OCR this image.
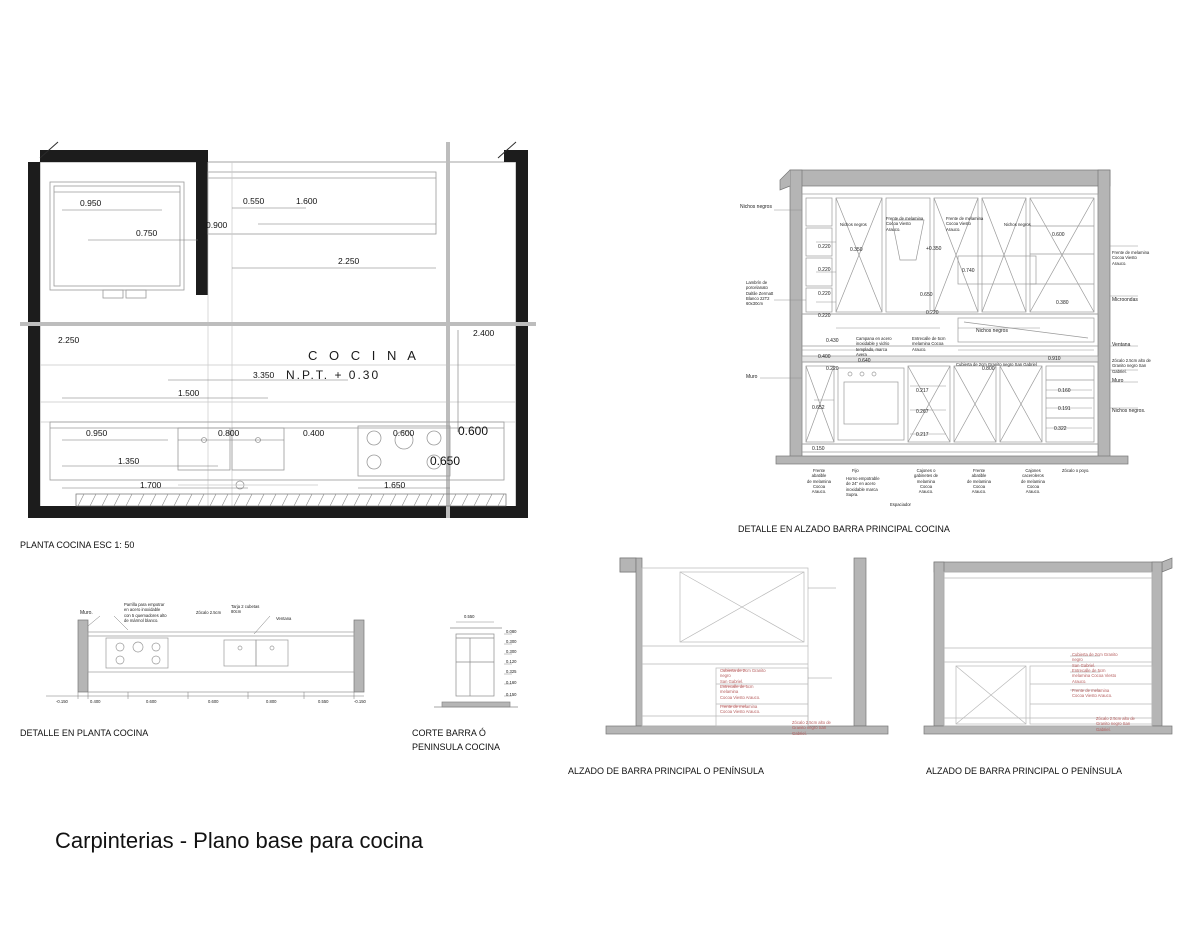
0.950
0.750
0.550
0.900
1.600
2.250
2.400
2.250
1.500
3.350
0.950	0.800	0.400	0.600	0.600
0.650
1.350
1.700	1.650
C O C I N A
N.P.T. + 0.30
PLANTA COCINA ESC 1: 50
Muro.
Parrilla para empotrar
en acero inoxidable
con 5 quemadores alto
de mármol blanco.
Zócalo 2.5cm
Tarja 2 cubetas
80cm
Ventana
-0.150	0.400	0.600	0.600	0.800	0.550	-0.150
DETALLE EN PLANTA COCINA
0.550
0.080
0.300
0.300
0.120
0.325
0.160
0.150
CORTE BARRA Ó
PENINSULA COCINA
0.220
0.220
0.220
0.220
0.350	+0.350
0.740
0.650
0.220
0.600
0.380
0.430
0.640	0.910
0.400
0.220	0.800
0.217
0.652
0.267
0.217
0.322
0.160
0.191
0.150
Nichos negros
Lambrín de
porcelanato
Daltile Zermatt
Blanco 22T2
60x30cm
Muro
Nichos negros
Frente de melamina
Cocoa Viesto
Arauco.
Frente de melamina
Cocoa Viesto
Arauco.
Nichos negros
Campana en acero
inoxidable y vidrio
templado, marca
Avera
Entrecalle de 5cm
melamina Cocoa
Arauco.
Nichos negros
Cubierta de 2cm Granito negro San Gabriel
Frente de melamina
Cocoa Viesto
Arauco.
Microondas
Ventana
Zócalo 2.5cm alto de
Granito negro San
Gabriel.
Muro
Nichos negros.
Frente
abatible
de melamina
Cocoa
Arauco.
Fijo
Horno empotrable
de 24" en acero
inoxidable marca
Supra.
Cajones o
gabinetes de
melamina
Cocoa
Arauco.
Frente
abatible
de melamina
Cocoa
Arauco.
Cajones
caceroleros
de melamina
Cocoa
Arauco.
Zócalo o poyo.
Espaciador
DETALLE EN ALZADO BARRA PRINCIPAL COCINA
Cubierta de 2cm Granito negro
San Gabriel.
Entrecalle de 5cm melamina
Cocoa Viesto Arauco.
Frente de melamina
Cocoa Viesto Arauco.
Zócalo 2.5cm alto de
Granito negro San Gabriel.
ALZADO DE BARRA PRINCIPAL O PENÍNSULA
Cubierta de 2cm Granito negro
San Gabriel.
Entrecalle de 5cm melamina Cocoa Viesto Arauco.
Frente de melamina
Cocoa Viesto Arauco.
Zócalo 2.5cm alto de
Granito negro San Gabriel.
ALZADO DE BARRA PRINCIPAL O PENÍNSULA
Carpinterias - Plano base para cocina
